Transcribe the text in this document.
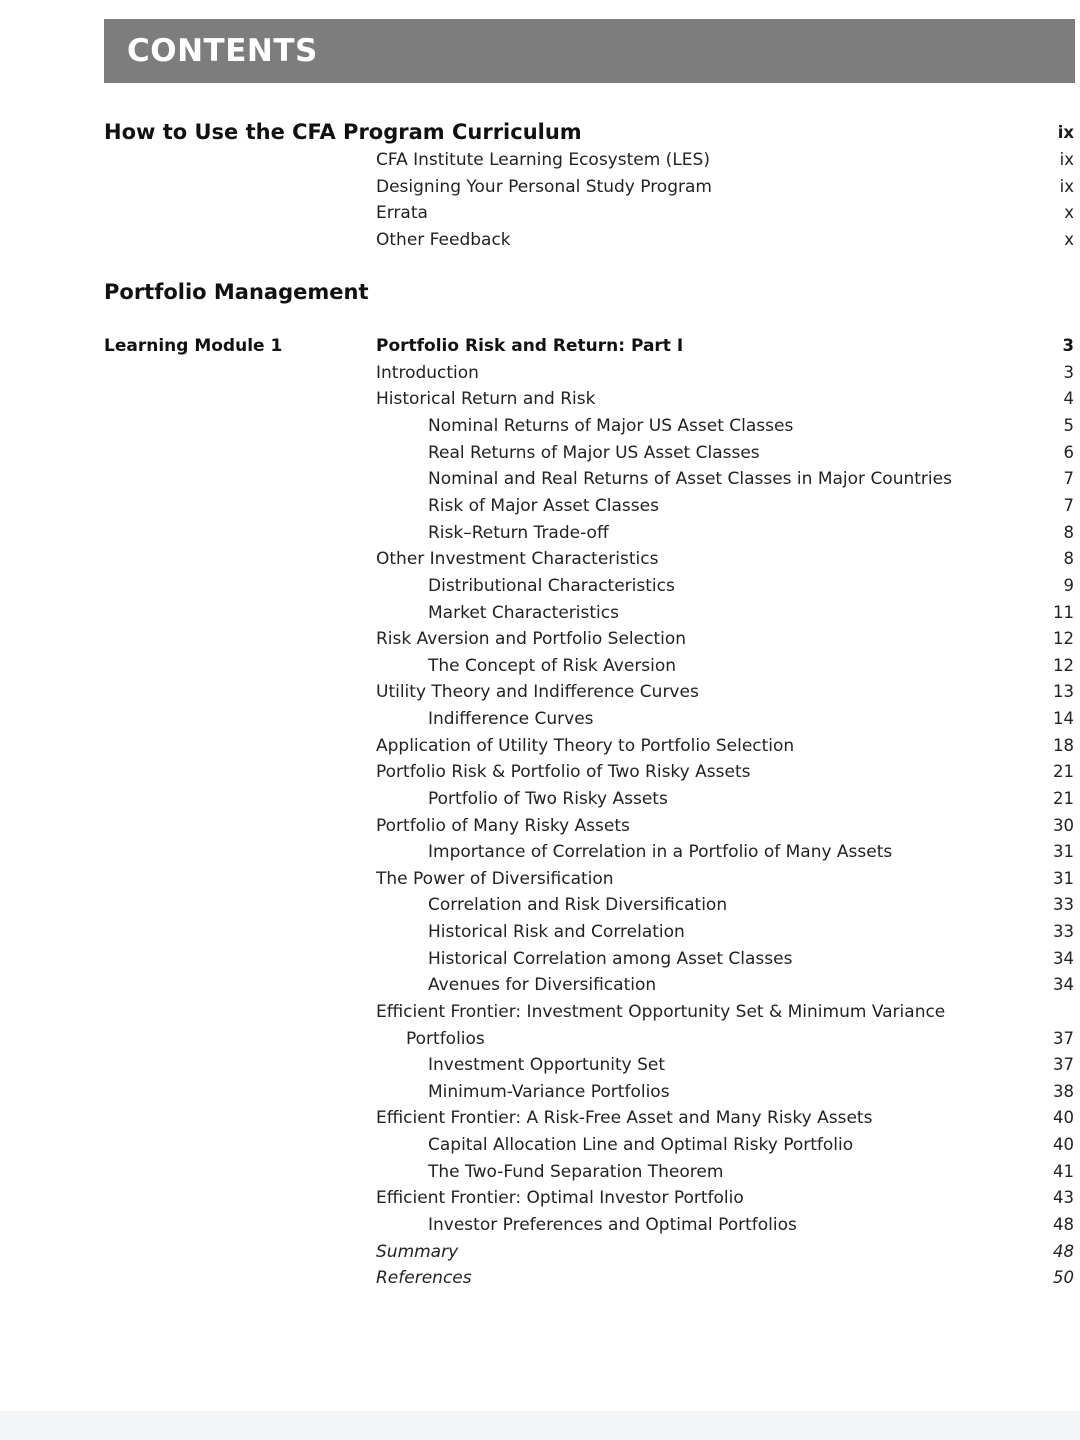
CONTENTS
How to Use the CFA Program Curriculum	ix
CFA Institute Learning Ecosystem (LES)	ix
Designing Your Personal Study Program	ix
Errata	x
Other Feedback	x
Portfolio Management
Learning Module 1	Portfolio Risk and Return: Part I	3
Introduction	3
Historical Return and Risk	4
Nominal Returns of Major US Asset Classes	5
Real Returns of Major US Asset Classes	6
Nominal and Real Returns of Asset Classes in Major Countries	7
Risk of Major Asset Classes	7
Risk–Return Trade-off	8
Other Investment Characteristics	8
Distributional Characteristics	9
Market Characteristics	11
Risk Aversion and Portfolio Selection	12
The Concept of Risk Aversion	12
Utility Theory and Indifference Curves	13
Indifference Curves	14
Application of Utility Theory to Portfolio Selection	18
Portfolio Risk & Portfolio of Two Risky Assets	21
Portfolio of Two Risky Assets	21
Portfolio of Many Risky Assets	30
Importance of Correlation in a Portfolio of Many Assets	31
The Power of Diversification	31
Correlation and Risk Diversification	33
Historical Risk and Correlation	33
Historical Correlation among Asset Classes	34
Avenues for Diversification	34
Efficient Frontier: Investment Opportunity Set & Minimum Variance
Portfolios	37
Investment Opportunity Set	37
Minimum-Variance Portfolios	38
Efficient Frontier: A Risk-Free Asset and Many Risky Assets	40
Capital Allocation Line and Optimal Risky Portfolio	40
The Two-Fund Separation Theorem	41
Efficient Frontier: Optimal Investor Portfolio	43
Investor Preferences and Optimal Portfolios	48
Summary	48
References	50
